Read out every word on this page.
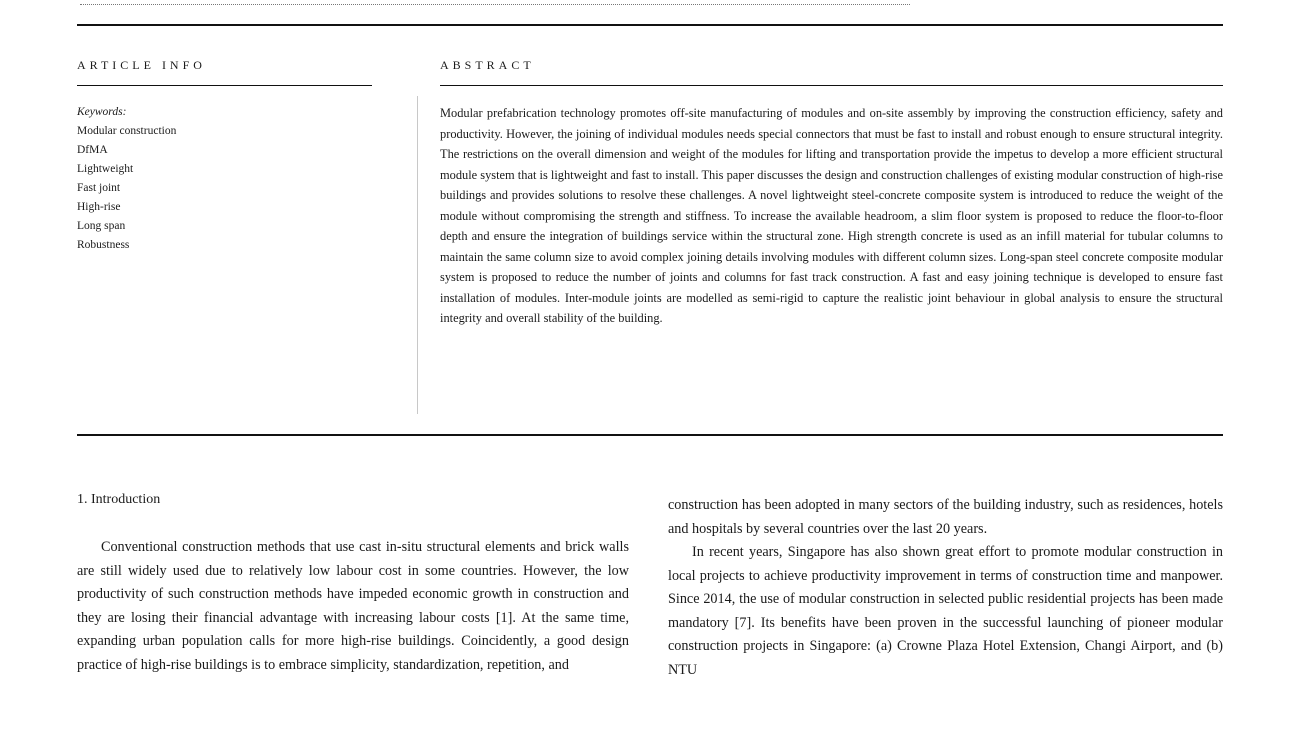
ARTICLE INFO
Keywords:
Modular construction
DfMA
Lightweight
Fast joint
High-rise
Long span
Robustness
ABSTRACT

Modular prefabrication technology promotes off-site manufacturing of modules and on-site assembly by improving the construction efficiency, safety and productivity. However, the joining of individual modules needs special connectors that must be fast to install and robust enough to ensure structural integrity. The restrictions on the overall dimension and weight of the modules for lifting and transportation provide the impetus to develop a more efficient structural module system that is lightweight and fast to install. This paper discusses the design and construction challenges of existing modular construction of high-rise buildings and provides solutions to resolve these challenges. A novel lightweight steel-concrete composite system is introduced to reduce the weight of the module without compromising the strength and stiffness. To increase the available headroom, a slim floor system is proposed to reduce the floor-to-floor depth and ensure the integration of buildings service within the structural zone. High strength concrete is used as an infill material for tubular columns to maintain the same column size to avoid complex joining details involving modules with different column sizes. Long-span steel concrete composite modular system is proposed to reduce the number of joints and columns for fast track construction. A fast and easy joining technique is developed to ensure fast installation of modules. Inter-module joints are modelled as semi-rigid to capture the realistic joint behaviour in global analysis to ensure the structural integrity and overall stability of the building.

1. Introduction

Conventional construction methods that use cast in-situ structural elements and brick walls are still widely used due to relatively low labour cost in some countries. However, the low productivity of such construction methods have impeded economic growth in construction and they are losing their financial advantage with increasing labour costs [1]. At the same time, expanding urban population calls for more high-rise buildings. Coincidently, a good design practice of high-rise buildings is to embrace simplicity, standardization, repetition, and

construction has been adopted in many sectors of the building industry, such as residences, hotels and hospitals by several countries over the last 20 years.

In recent years, Singapore has also shown great effort to promote modular construction in local projects to achieve productivity improvement in terms of construction time and manpower. Since 2014, the use of modular construction in selected public residential projects has been made mandatory [7]. Its benefits have been proven in the successful launching of pioneer modular construction projects in Singapore: (a) Crowne Plaza Hotel Extension, Changi Airport, and (b) NTU
